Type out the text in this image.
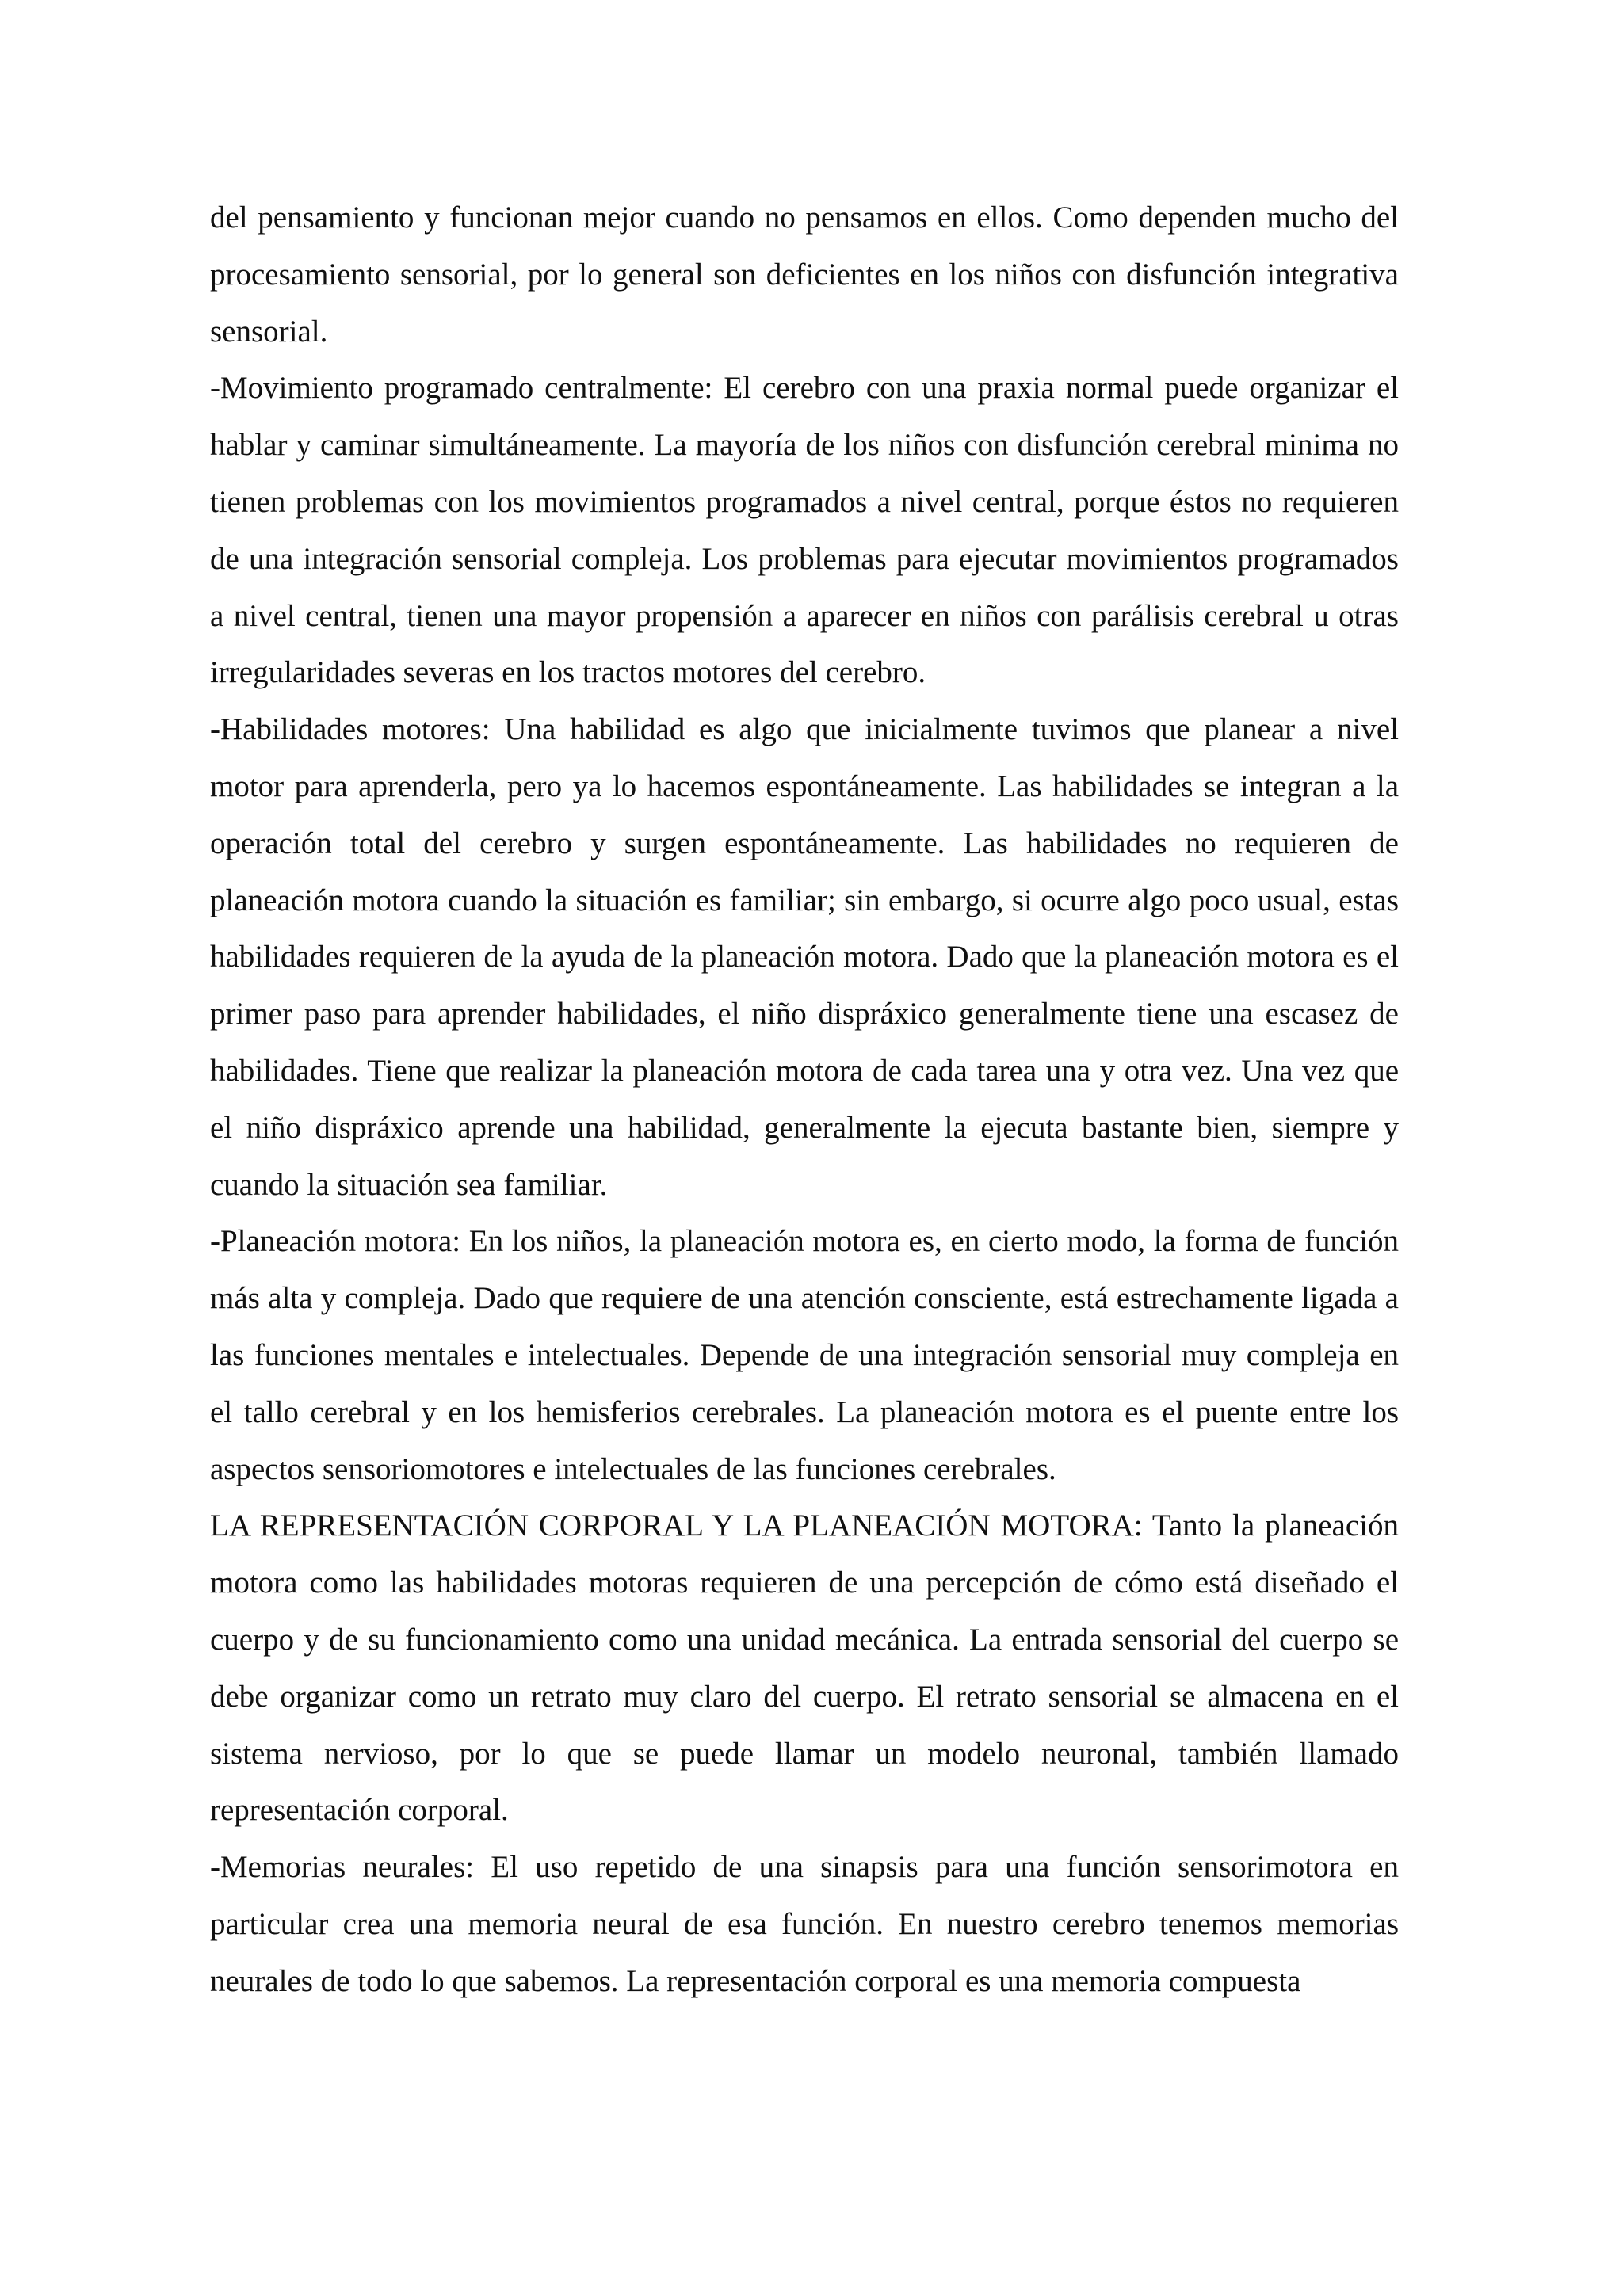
del pensamiento y funcionan mejor cuando no pensamos en ellos. Como dependen mucho del procesamiento sensorial, por lo general son deficientes en los niños con disfunción integrativa sensorial.

-Movimiento programado centralmente: El cerebro con una praxia normal puede organizar el hablar y caminar simultáneamente. La mayoría de los niños con disfunción cerebral minima no tienen problemas con los movimientos programados a nivel central, porque éstos no requieren de una integración sensorial compleja. Los problemas para ejecutar movimientos programados a nivel central, tienen una mayor propensión a aparecer en niños con parálisis cerebral u otras irregularidades severas en los tractos motores del cerebro.

-Habilidades motores: Una habilidad es algo que inicialmente tuvimos que planear a nivel motor para aprenderla, pero ya lo hacemos espontáneamente. Las habilidades se integran a la operación total del cerebro y surgen espontáneamente. Las habilidades no requieren de planeación motora cuando la situación es familiar; sin embargo, si ocurre algo poco usual, estas habilidades requieren de la ayuda de la planeación motora. Dado que la planeación motora es el primer paso para aprender habilidades, el niño dispráxico generalmente tiene una escasez de habilidades. Tiene que realizar la planeación motora de cada tarea una y otra vez. Una vez que el niño dispráxico aprende una habilidad, generalmente la ejecuta bastante bien, siempre y cuando la situación sea familiar.

-Planeación motora: En los niños, la planeación motora es, en cierto modo, la forma de función más alta y compleja. Dado que requiere de una atención consciente, está estrechamente ligada a las funciones mentales e intelectuales. Depende de una integración sensorial muy compleja en el tallo cerebral y en los hemisferios cerebrales. La planeación motora es el puente entre los aspectos sensoriomotores e intelectuales de las funciones cerebrales.

LA REPRESENTACIÓN CORPORAL Y LA PLANEACIÓN MOTORA: Tanto la planeación motora como las habilidades motoras requieren de una percepción de cómo está diseñado el cuerpo y de su funcionamiento como una unidad mecánica. La entrada sensorial del cuerpo se debe organizar como un retrato muy claro del cuerpo. El retrato sensorial se almacena en el sistema nervioso, por lo que se puede llamar un modelo neuronal, también llamado representación corporal.

-Memorias neurales: El uso repetido de una sinapsis para una función sensorimotora en particular crea una memoria neural de esa función. En nuestro cerebro tenemos memorias neurales de todo lo que sabemos. La representación corporal es una memoria compuesta
